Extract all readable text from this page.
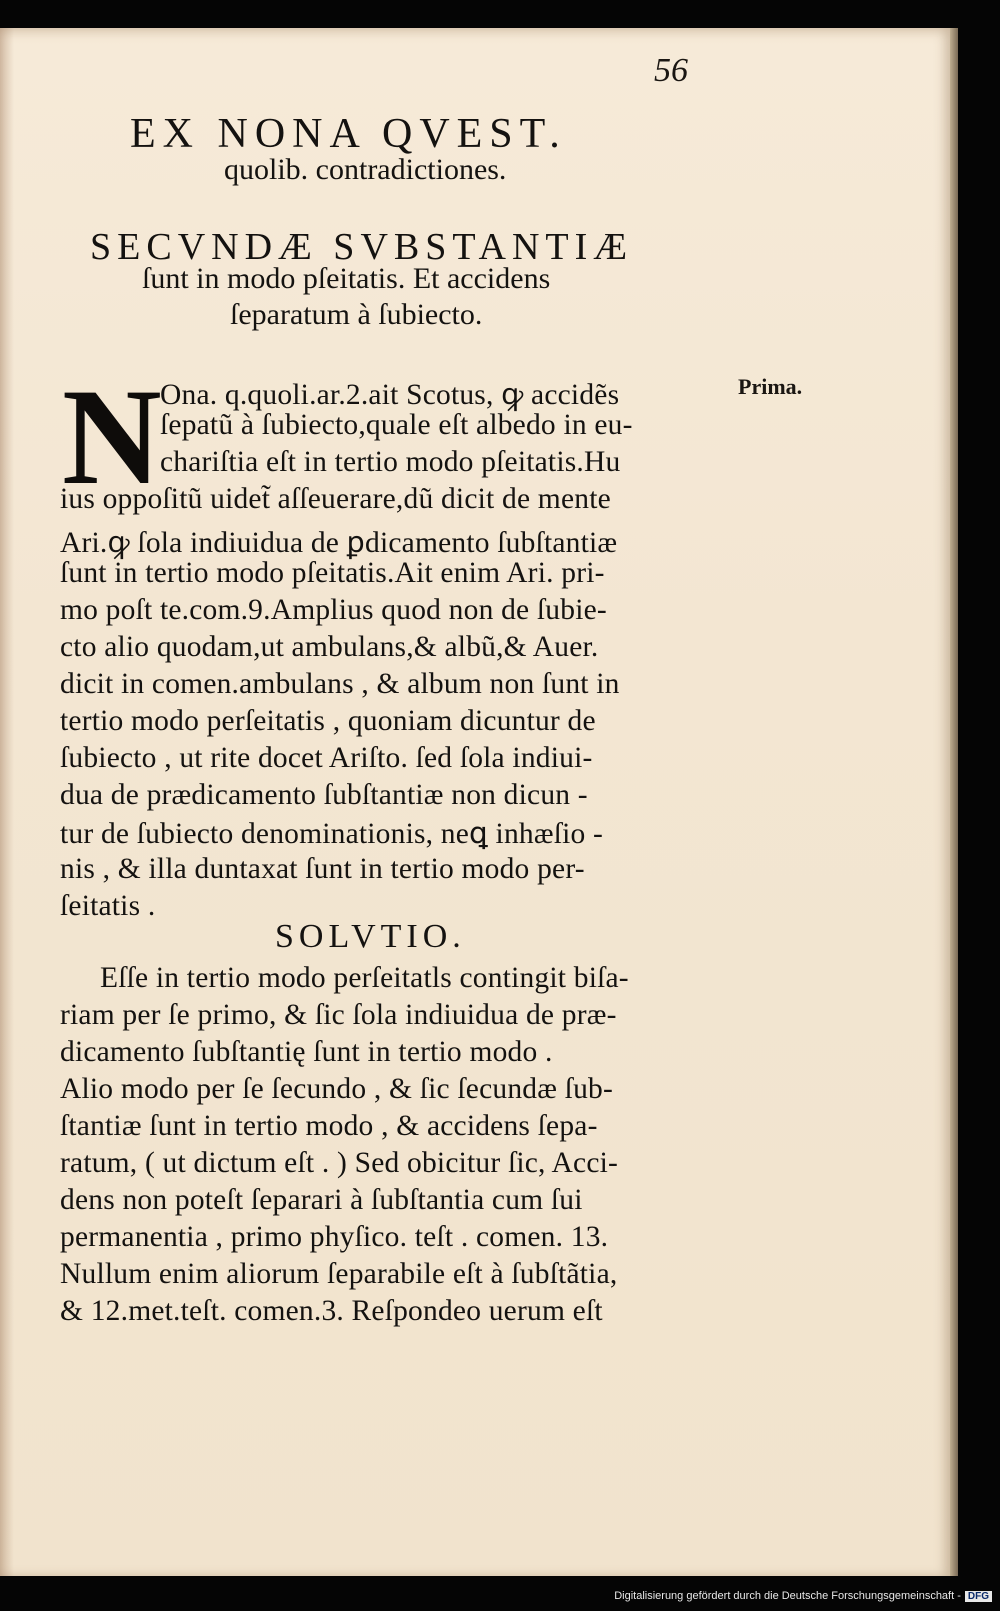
56

EX NONA QVEST.

quolib. contradictiones.

SECVNDÆ SVBSTANTIÆ

ſunt in modo pſeitatis. Et accidens

ſeparatum à ſubiecto.

N	Prima.

Ona. q.quoli.ar.2.ait Scotus, ꝙ accidẽs

ſepatũ à ſubiecto,quale eſt albedo in eu-

chariſtia eſt in tertio modo pſeitatis.Hu

ius oppoſitũ uidet̃ aſſeuerare,dũ dicit de mente

Ari.ꝙ ſola indiuidua de ꝑdicamento ſubſtantiæ

ſunt in tertio modo pſeitatis.Ait enim Ari. pri-

mo poſt te.com.9.Amplius quod non de ſubie-

cto alio quodam,ut ambulans,& albũ,& Auer.

dicit in comen.ambulans , & album non ſunt in

tertio modo perſeitatis , quoniam dicuntur de

ſubiecto , ut rite docet Ariſto. ſed ſola indiui-

dua de prædicamento ſubſtantiæ non dicun -

tur de ſubiecto denominationis, neꝗ inhæſio -

nis , & illa duntaxat ſunt in tertio modo per-

ſeitatis .

SOLVTIO.

Eſſe in tertio modo perſeitatls contingit biſa-

riam per ſe primo, & ſic ſola indiuidua de præ-

dicamento ſubſtantię ſunt in tertio modo .

Alio modo per ſe ſecundo , & ſic ſecundæ ſub-

ſtantiæ ſunt in tertio modo , & accidens ſepa-

ratum, ( ut dictum eſt . ) Sed obicitur ſic, Acci-

dens non poteſt ſeparari à ſubſtantia cum ſui

permanentia , primo phyſico. teſt . comen. 13.

Nullum enim aliorum ſeparabile eſt à ſubſtãtia,

& 12.met.teſt. comen.3. Reſpondeo uerum eſt

Digitalisierung gefördert durch die Deutsche Forschungsgemeinschaft - DFG
